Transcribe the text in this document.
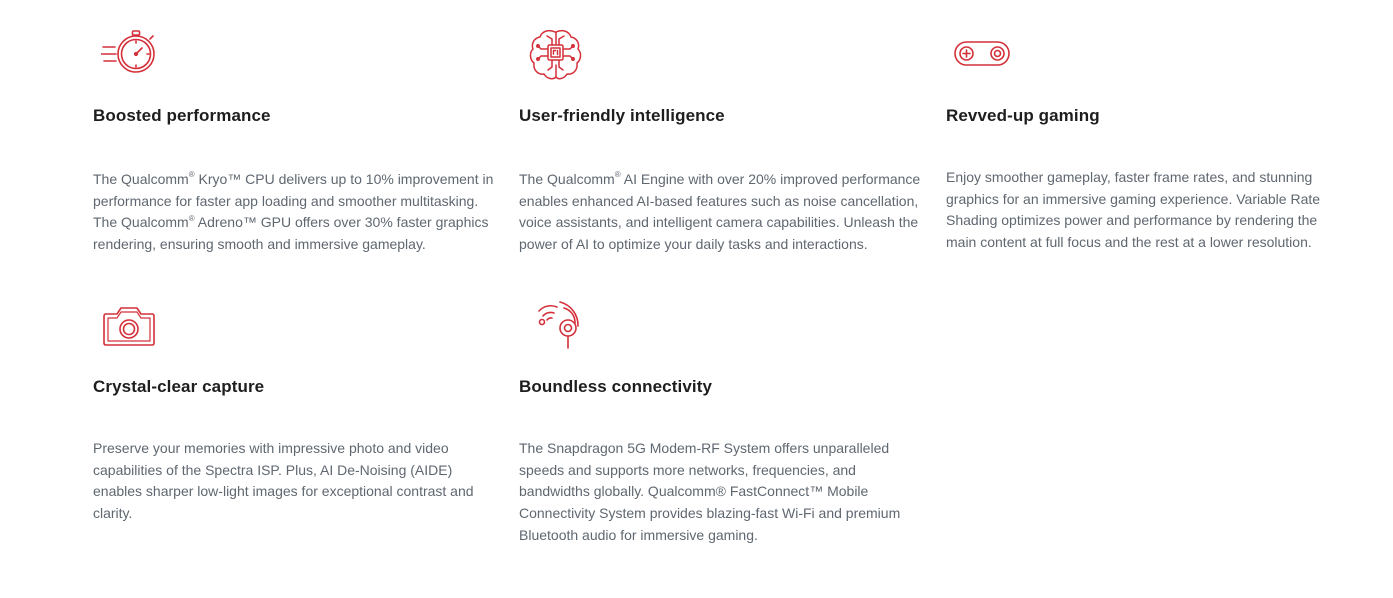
Boosted performance

The Qualcomm® Kryo™ CPU delivers up to 10% improvement in performance for faster app loading and smoother multitasking. The Qualcomm® Adreno™ GPU offers over 30% faster graphics rendering, ensuring smooth and immersive gameplay.

User-friendly intelligence

The Qualcomm® AI Engine with over 20% improved performance enables enhanced AI-based features such as noise cancellation, voice assistants, and intelligent camera capabilities. Unleash the power of AI to optimize your daily tasks and interactions.

Revved-up gaming

Enjoy smoother gameplay, faster frame rates, and stunning graphics for an immersive gaming experience. Variable Rate Shading optimizes power and performance by rendering the main content at full focus and the rest at a lower resolution.

Crystal-clear capture

Preserve your memories with impressive photo and video capabilities of the Spectra ISP. Plus, AI De-Noising (AIDE) enables sharper low-light images for exceptional contrast and clarity.

Boundless connectivity

The Snapdragon 5G Modem-RF System offers unparalleled speeds and supports more networks, frequencies, and bandwidths globally. Qualcomm® FastConnect™ Mobile Connectivity System provides blazing-fast Wi-Fi and premium Bluetooth audio for immersive gaming.
